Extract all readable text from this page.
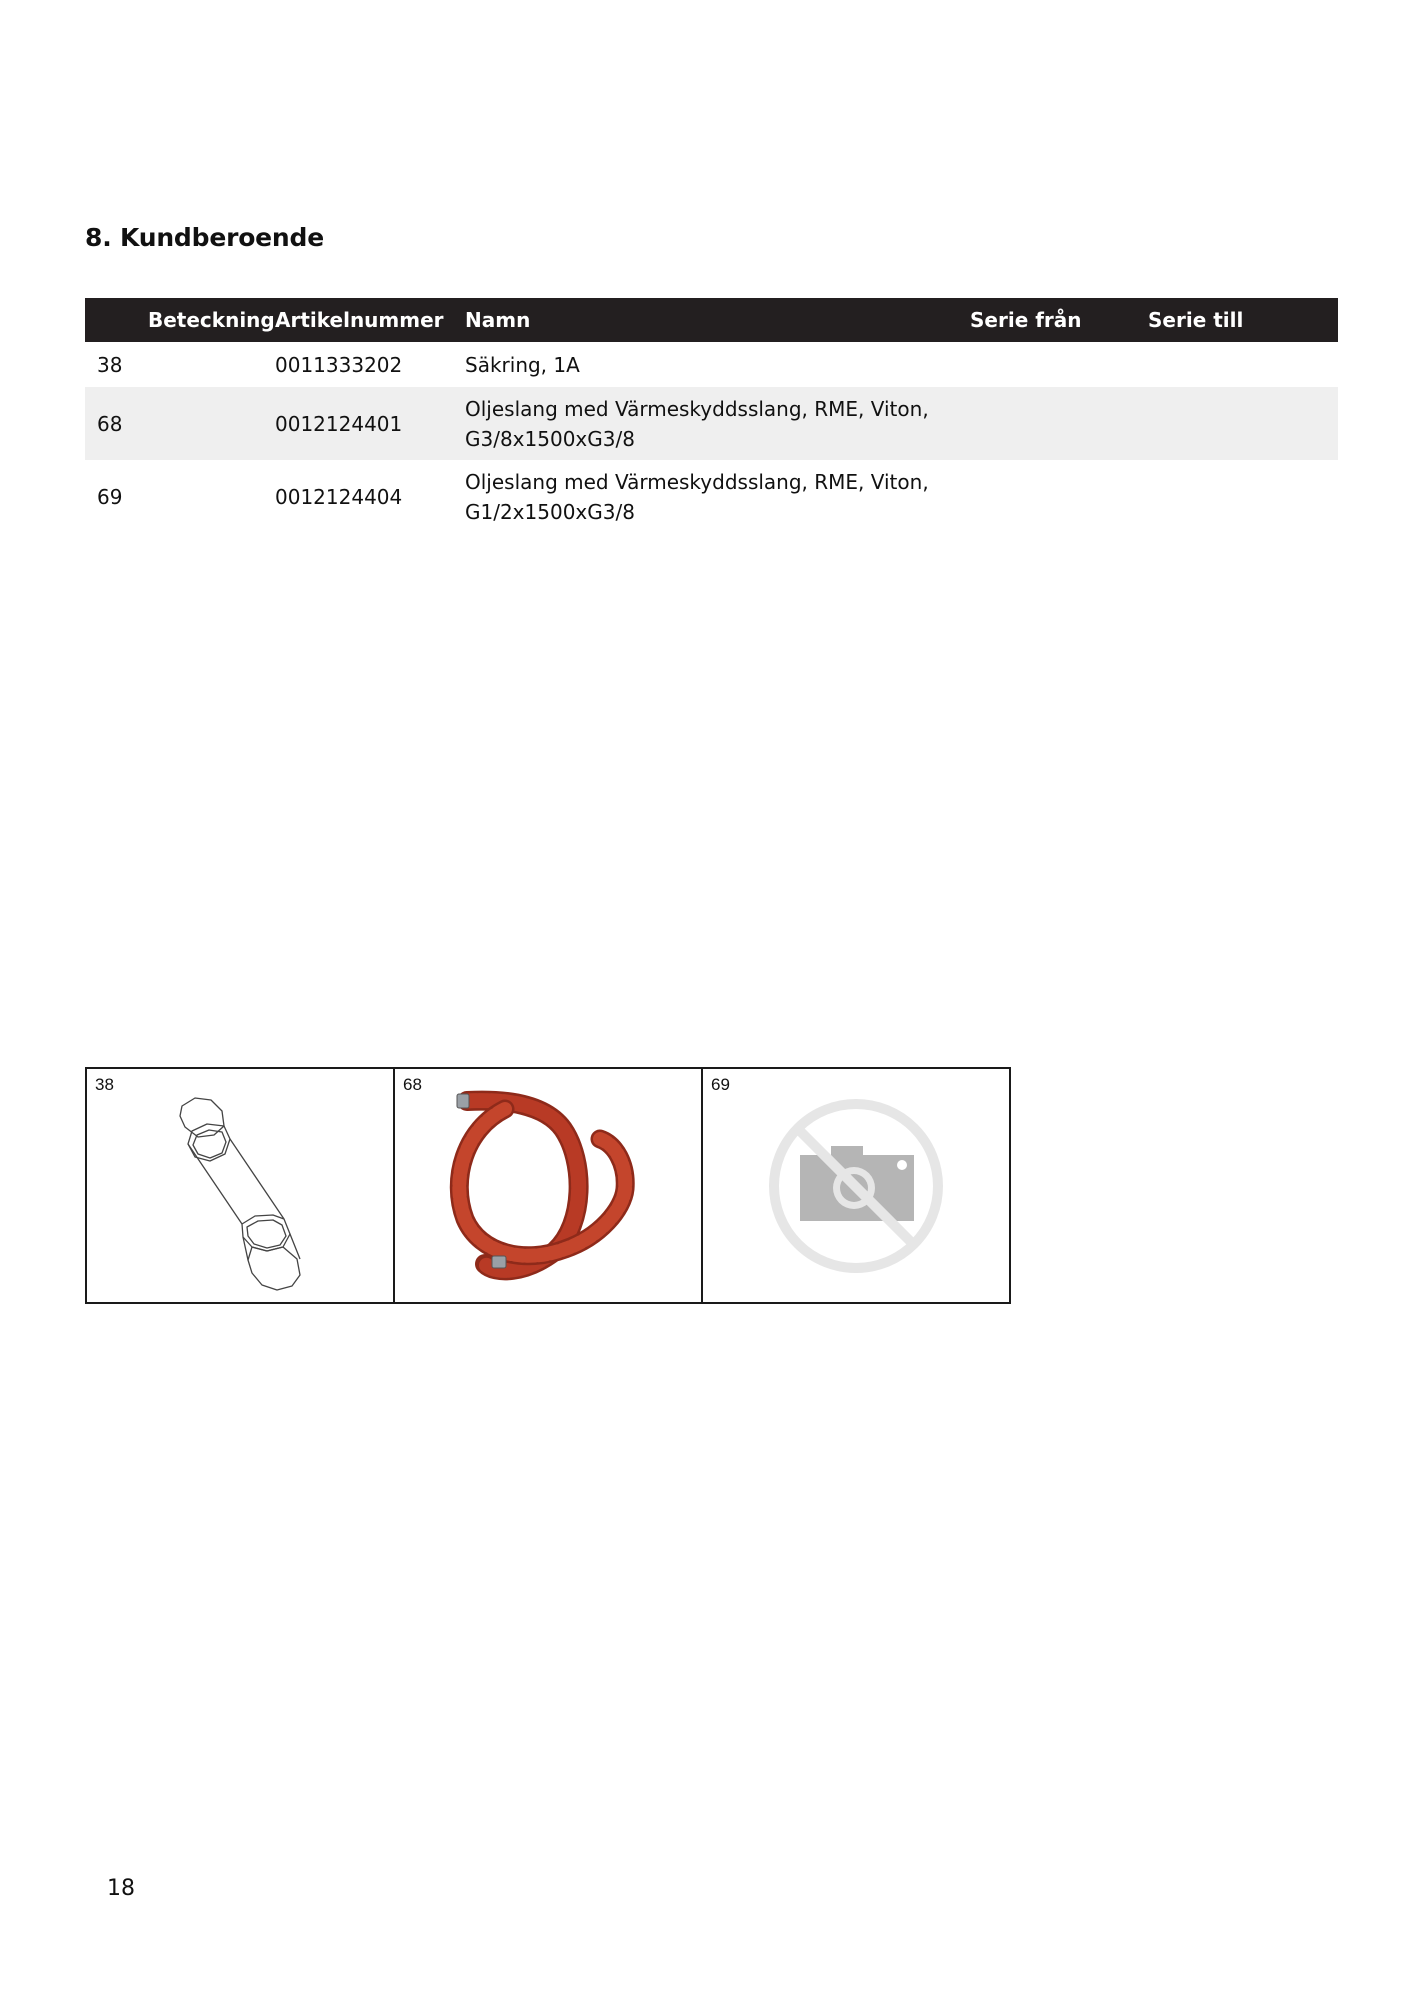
8. Kundberoende
Beteckning	Artikelnummer	Namn	Serie från	Serie till
38	0011333202	Säkring, 1A		

68	0012124401	Oljeslang med Värmeskyddsslang, RME, Viton,
G3/8x1500xG3/8		

69	0012124404	Oljeslang med Värmeskyddsslang, RME, Viton,
G1/2x1500xG3/8		

38	68	69
18
